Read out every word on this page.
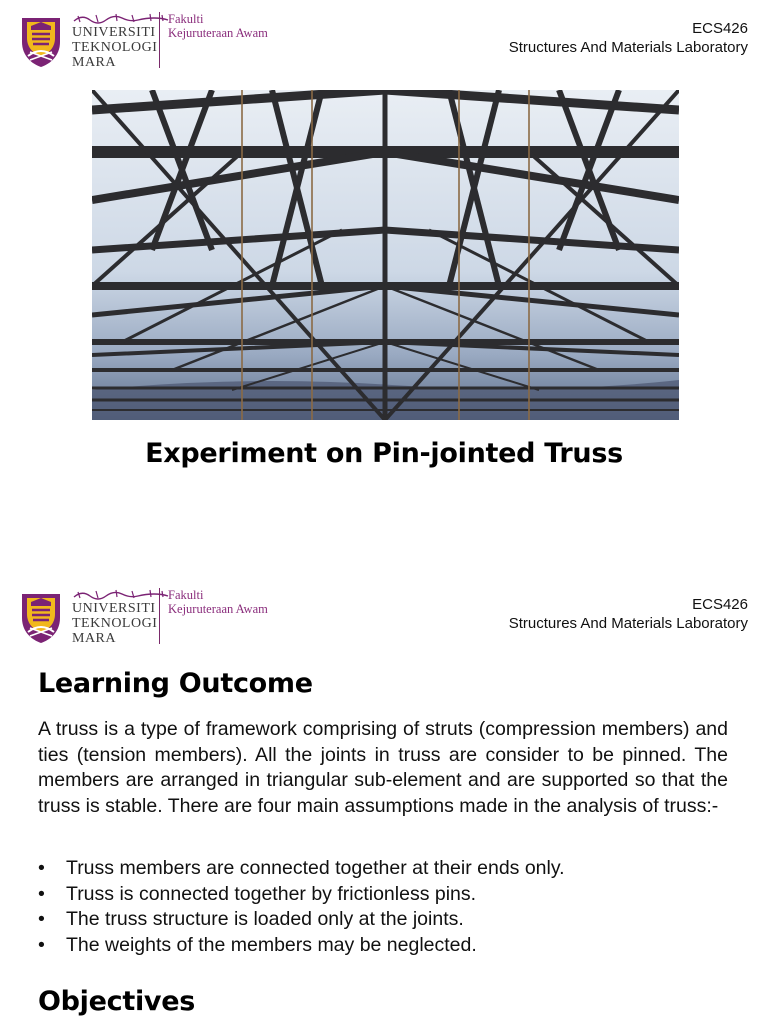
UNIVERSITI
TEKNOLOGI
MARA
Fakulti
Kejuruteraan Awam	ECS426
Structures And Materials Laboratory
Experiment on Pin-jointed Truss
UNIVERSITI
TEKNOLOGI
MARA
Fakulti
Kejuruteraan Awam	ECS426
Structures And Materials Laboratory
Learning Outcome
A truss is a type of framework comprising of struts (compression members) and ties (tension members). All the joints in truss are consider to be pinned. The members are arranged in triangular sub-element and are supported so that the truss is stable. There are four main assumptions made in the analysis of truss:-
• Truss members are connected together at their ends only.
• Truss is connected together by frictionless pins.
• The truss structure is loaded only at the joints.
• The weights of the members may be neglected.
Objectives
